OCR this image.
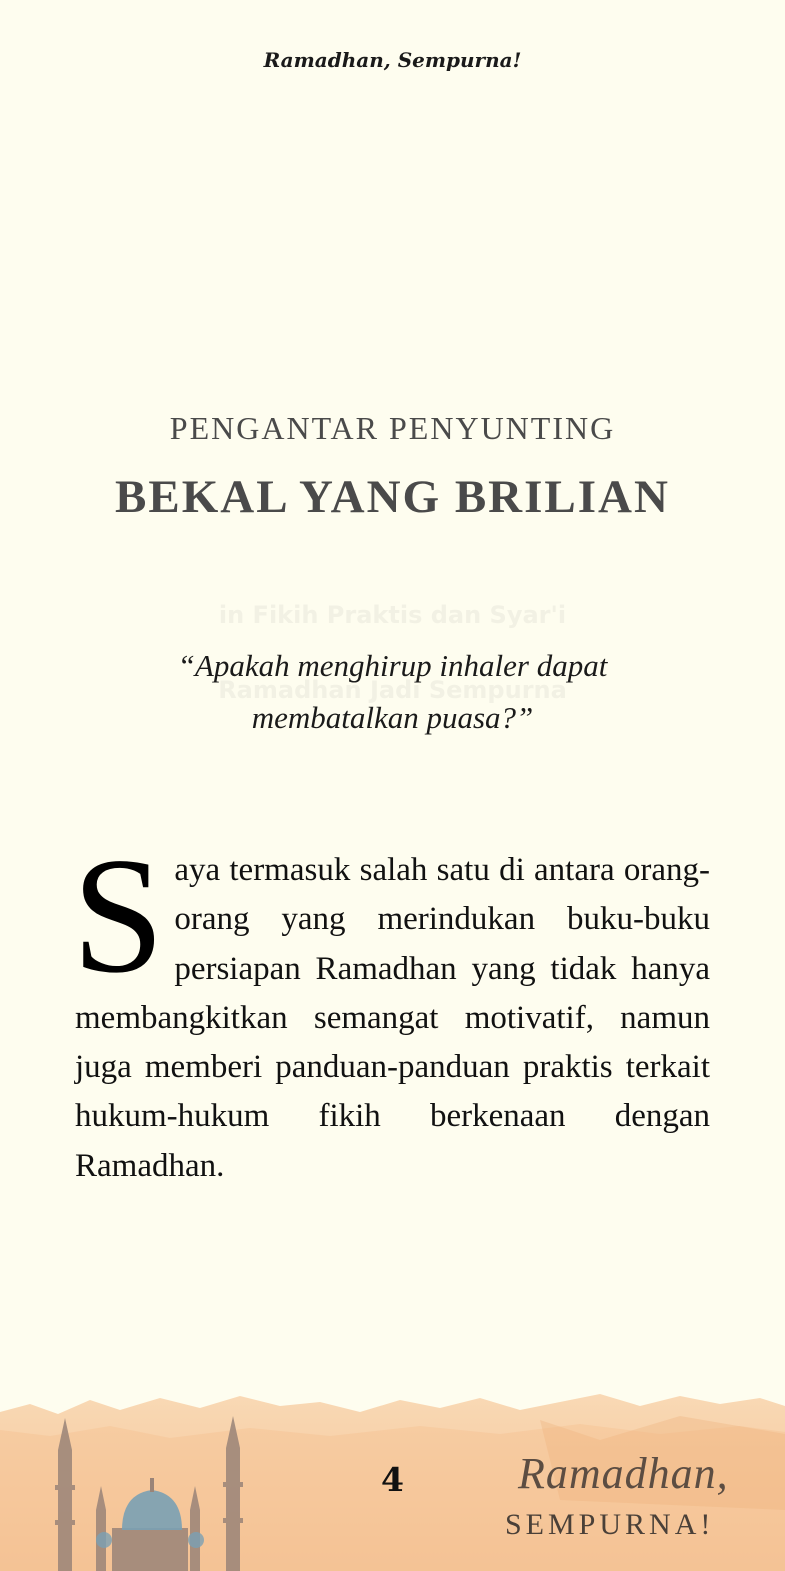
Ramadhan, Sempurna!
in Fikih Praktis dan Syar'i
Ramadhan Jadi Sempurna
PENGANTAR PENYUNTING
BEKAL YANG BRILIAN
“Apakah menghirup inhaler dapat membatalkan puasa?”
Saya termasuk salah satu di antara orang-orang yang merindukan buku-buku persiapan Ramadhan yang tidak hanya membangkitkan semangat motivatif, namun juga memberi panduan-panduan praktis terkait hukum-hukum fikih berkenaan dengan Ramadhan.
4	Ramadhan,
SEMPURNA!
